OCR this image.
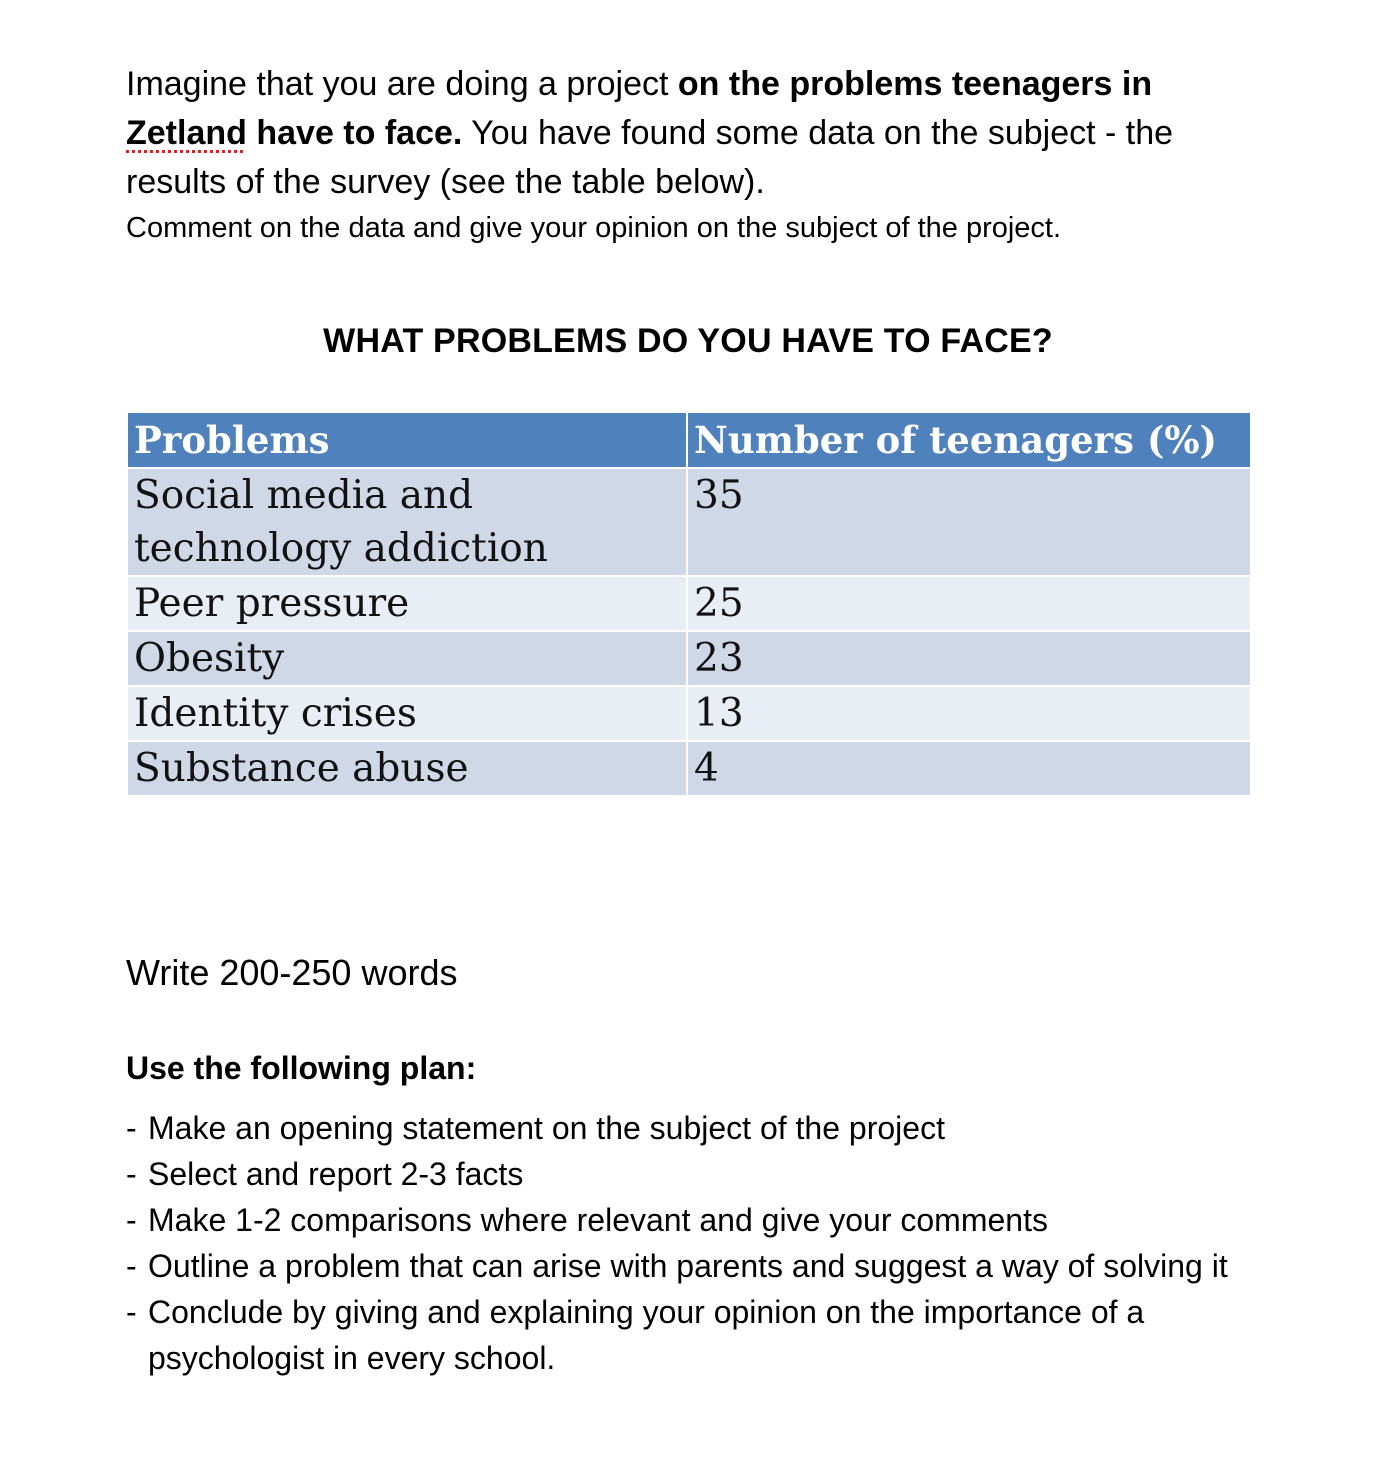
Imagine that you are doing a project on the problems teenagers in Zetland have to face. You have found some data on the subject - the results of the survey (see the table below).
Comment on the data and give your opinion on the subject of the project.
WHAT PROBLEMS DO YOU HAVE TO FACE?
Problems	Number of teenagers (%)
Social media and technology addiction	35
Peer pressure	25
Obesity	23
Identity crises	13
Substance abuse	4
Write 200-250 words
Use the following plan:
- Make an opening statement on the subject of the project
- Select and report 2-3 facts
- Make 1-2 comparisons where relevant and give your comments
- Outline a problem that can arise with parents and suggest a way of solving it
- Conclude by giving and explaining your opinion on the importance of a psychologist in every school.
